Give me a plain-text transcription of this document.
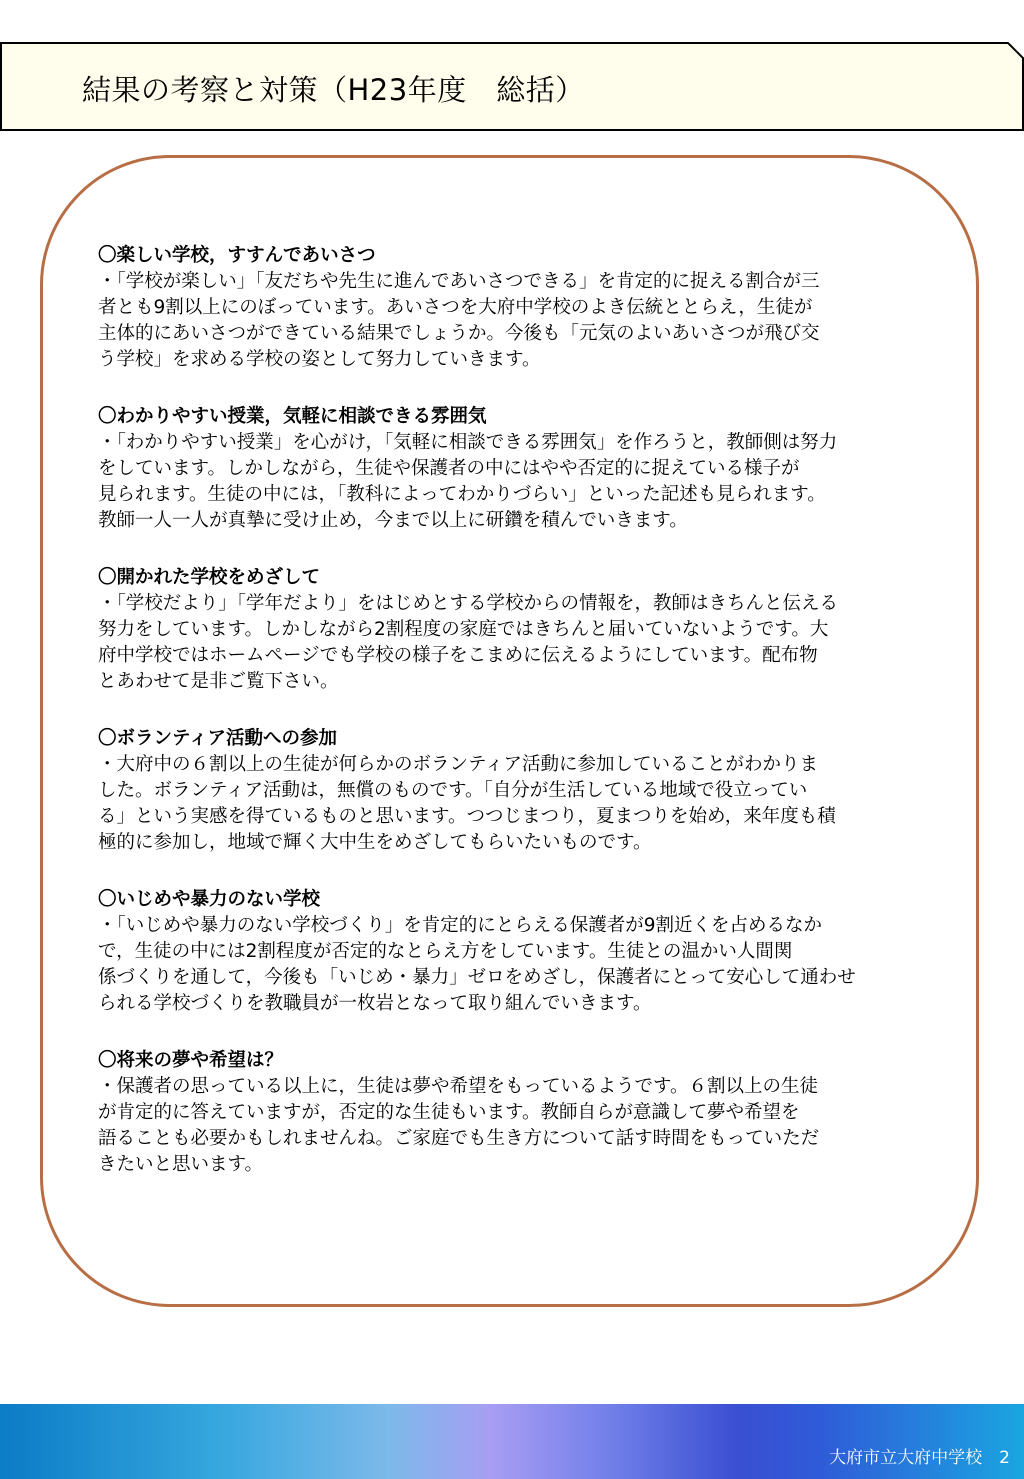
結果の考察と対策（H23年度　総括）
〇楽しい学校，すすんであいさつ
・「学校が楽しい」「友だちや先生に進んであいさつできる」を肯定的に捉える割合が三
者とも9割以上にのぼっています。あいさつを大府中学校のよき伝統ととらえ，生徒が
主体的にあいさつができている結果でしょうか。今後も「元気のよいあいさつが飛び交
う学校」を求める学校の姿として努力していきます。
〇わかりやすい授業，気軽に相談できる雰囲気
・「わかりやすい授業」を心がけ，「気軽に相談できる雰囲気」を作ろうと，教師側は努力
をしています。しかしながら，生徒や保護者の中にはやや否定的に捉えている様子が
見られます。生徒の中には，「教科によってわかりづらい」といった記述も見られます。
教師一人一人が真摯に受け止め，今まで以上に研鑽を積んでいきます。
〇開かれた学校をめざして
・「学校だより」「学年だより」をはじめとする学校からの情報を，教師はきちんと伝える
努力をしています。しかしながら2割程度の家庭ではきちんと届いていないようです。大
府中学校ではホームページでも学校の様子をこまめに伝えるようにしています。配布物
とあわせて是非ご覧下さい。
〇ボランティア活動への参加
・大府中の６割以上の生徒が何らかのボランティア活動に参加していることがわかりま
した。ボランティア活動は，無償のものです。「自分が生活している地域で役立ってい
る」という実感を得ているものと思います。つつじまつり，夏まつりを始め，来年度も積
極的に参加し，地域で輝く大中生をめざしてもらいたいものです。
〇いじめや暴力のない学校
・「いじめや暴力のない学校づくり」を肯定的にとらえる保護者が9割近くを占めるなか
で，生徒の中には2割程度が否定的なとらえ方をしています。生徒との温かい人間関
係づくりを通して，今後も「いじめ・暴力」ゼロをめざし，保護者にとって安心して通わせ
られる学校づくりを教職員が一枚岩となって取り組んでいきます。
〇将来の夢や希望は？
・保護者の思っている以上に，生徒は夢や希望をもっているようです。６割以上の生徒
が肯定的に答えていますが，否定的な生徒もいます。教師自らが意識して夢や希望を
語ることも必要かもしれませんね。ご家庭でも生き方について話す時間をもっていただ
きたいと思います。
大府市立大府中学校  2
